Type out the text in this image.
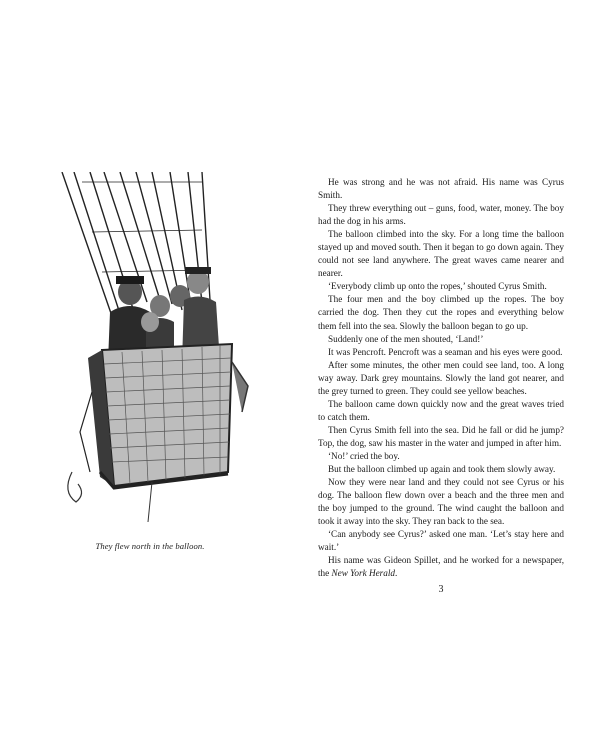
They flew north in the balloon.

He was strong and he was not afraid. His name was Cyrus Smith.

They threw everything out – guns, food, water, money. The boy had the dog in his arms.

The balloon climbed into the sky. For a long time the balloon stayed up and moved south. Then it began to go down again. They could not see land anywhere. The great waves came nearer and nearer.

‘Everybody climb up onto the ropes,’ shouted Cyrus Smith.

The four men and the boy climbed up the ropes. The boy carried the dog. Then they cut the ropes and everything below them fell into the sea. Slowly the balloon began to go up.

Suddenly one of the men shouted, ‘Land!’

It was Pencroft. Pencroft was a seaman and his eyes were good.

After some minutes, the other men could see land, too. A long way away. Dark grey mountains. Slowly the land got nearer, and the grey turned to green. They could see yellow beaches.

The balloon came down quickly now and the great waves tried to catch them.

Then Cyrus Smith fell into the sea. Did he fall or did he jump? Top, the dog, saw his master in the water and jumped in after him.

‘No!’ cried the boy.

But the balloon climbed up again and took them slowly away.

Now they were near land and they could not see Cyrus or his dog. The balloon flew down over a beach and the three men and the boy jumped to the ground. The wind caught the balloon and took it away into the sky. They ran back to the sea.

‘Can anybody see Cyrus?’ asked one man. ‘Let’s stay here and wait.’

His name was Gideon Spillet, and he worked for a newspaper, the New York Herald.

3
